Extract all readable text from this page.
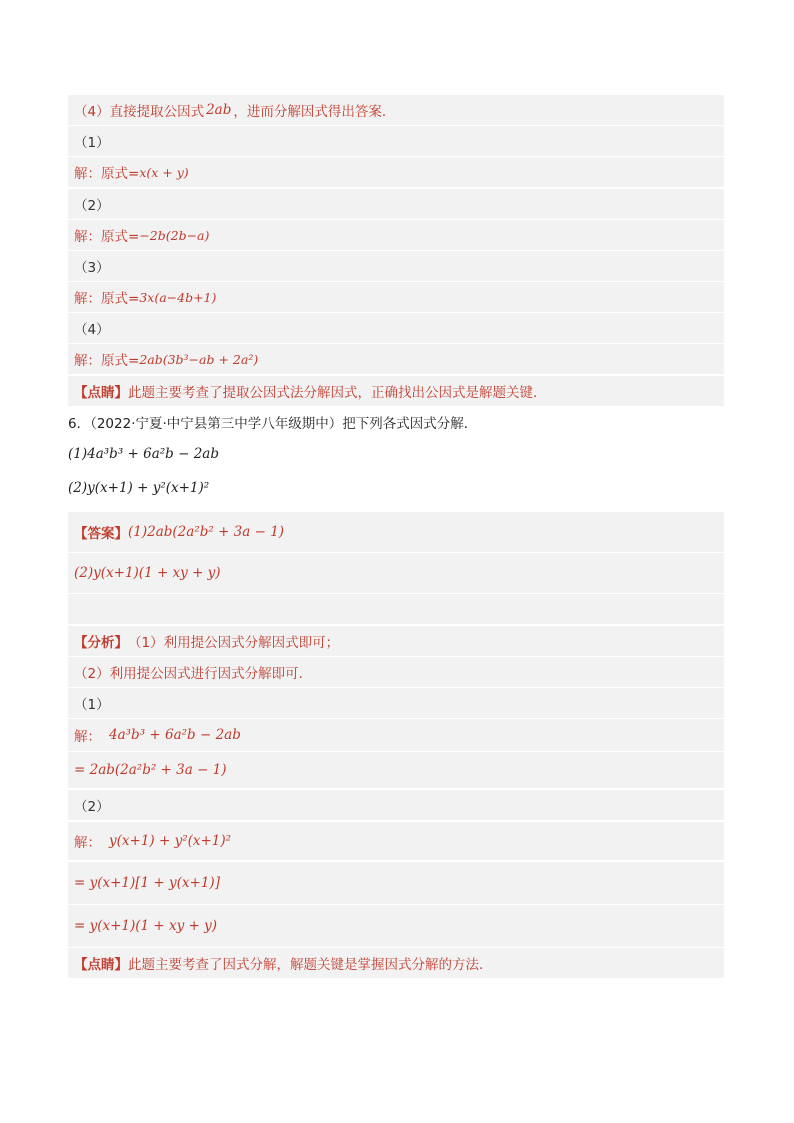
（4）直接提取公因式 2ab ，进而分解因式得出答案．
（1）
解：原式= x(x + y)
（2）
解：原式= −2b(2b−a)
（3）
解：原式= 3x(a−4b+1)
（4）
解：原式= 2ab(3b³−ab + 2a²)
【点睛】 此题主要考查了提取公因式法分解因式，正确找出公因式是解题关键．
6．（2022·宁夏·中宁县第三中学八年级期中）把下列各式因式分解．
(1)4a³b³ + 6a²b − 2ab
(2)y(x+1) + y²(x+1)²
【答案】 (1)2ab(2a²b² + 3a − 1)
(2)y(x+1)(1 + xy + y)
【分析】 （1）利用提公因式分解因式即可；
（2）利用提公因式进行因式分解即可．
（1）
解： 4a³b³ + 6a²b − 2ab
= 2ab(2a²b² + 3a − 1)
（2）
解： y(x+1) + y²(x+1)²
= y(x+1)[1 + y(x+1)]
= y(x+1)(1 + xy + y)
【点睛】 此题主要考查了因式分解，解题关键是掌握因式分解的方法．
